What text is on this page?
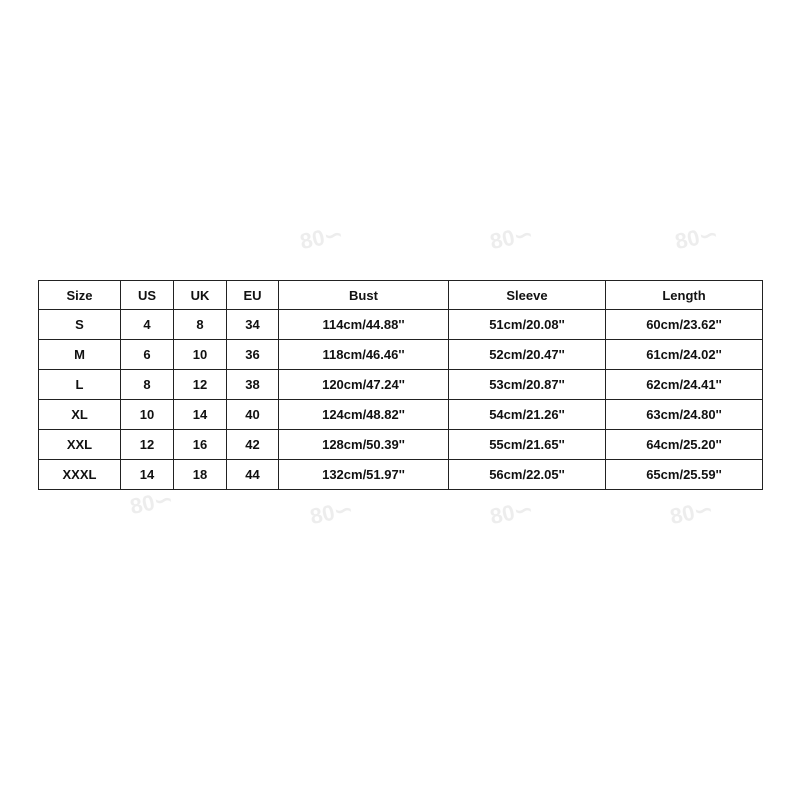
80∽	80∽	80∽
80∽	80∽	80∽
80∽
Size	US	UK	EU	Bust	Sleeve	Length
S	4	8	34	114cm/44.88''	51cm/20.08''	60cm/23.62''
M	6	10	36	118cm/46.46''	52cm/20.47''	61cm/24.02''
L	8	12	38	120cm/47.24''	53cm/20.87''	62cm/24.41''
XL	10	14	40	124cm/48.82''	54cm/21.26''	63cm/24.80''
XXL	12	16	42	128cm/50.39''	55cm/21.65''	64cm/25.20''
XXXL	14	18	44	132cm/51.97''	56cm/22.05''	65cm/25.59''
